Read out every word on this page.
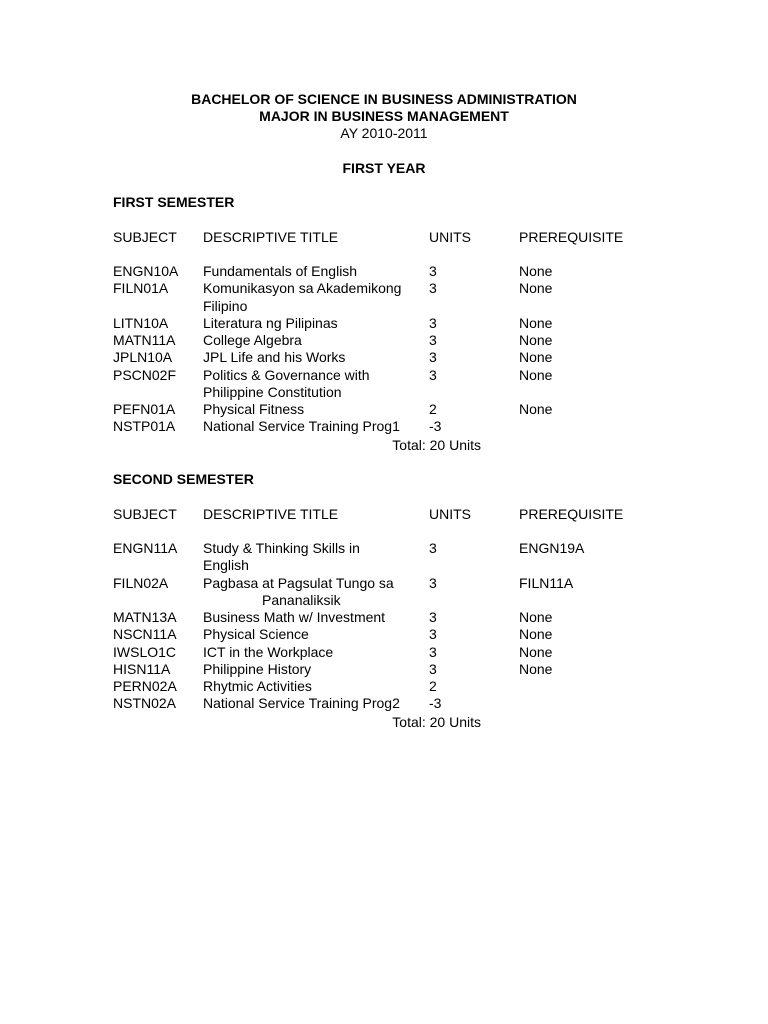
BACHELOR OF SCIENCE IN BUSINESS ADMINISTRATION
MAJOR IN BUSINESS MANAGEMENT
AY 2010-2011
FIRST YEAR
FIRST SEMESTER
SUBJECT DESCRIPTIVE TITLE	UNITS	PREREQUISITE
ENGN10A Fundamentals of English	3	None
FILN01A Komunikasyon sa Akademikong 3	None
Filipino
LITN10A Literatura ng Pilipinas	3	None
MATN11A College Algebra	3	None
JPLN10A JPL Life and his Works	3	None
PSCN02F Politics & Governance with	3	None
Philippine Constitution
PEFN01A Physical Fitness	2	None
NSTP01A National Service Training Prog1 -3
Total: 20 Units
SECOND SEMESTER
SUBJECT DESCRIPTIVE TITLE	UNITS	PREREQUISITE
ENGN11A Study & Thinking Skills in	3	ENGN19A
English
FILN02A Pagbasa at Pagsulat Tungo sa	3	FILN11A
Pananaliksik
MATN13A Business Math w/ Investment	3	None
NSCN11A Physical Science	3	None
IWSLO1C ICT in the Workplace	3	None
HISN11A Philippine History	3	None
PERN02A Rhytmic Activities	2
NSTN02A National Service Training Prog2 -3
Total: 20 Units
